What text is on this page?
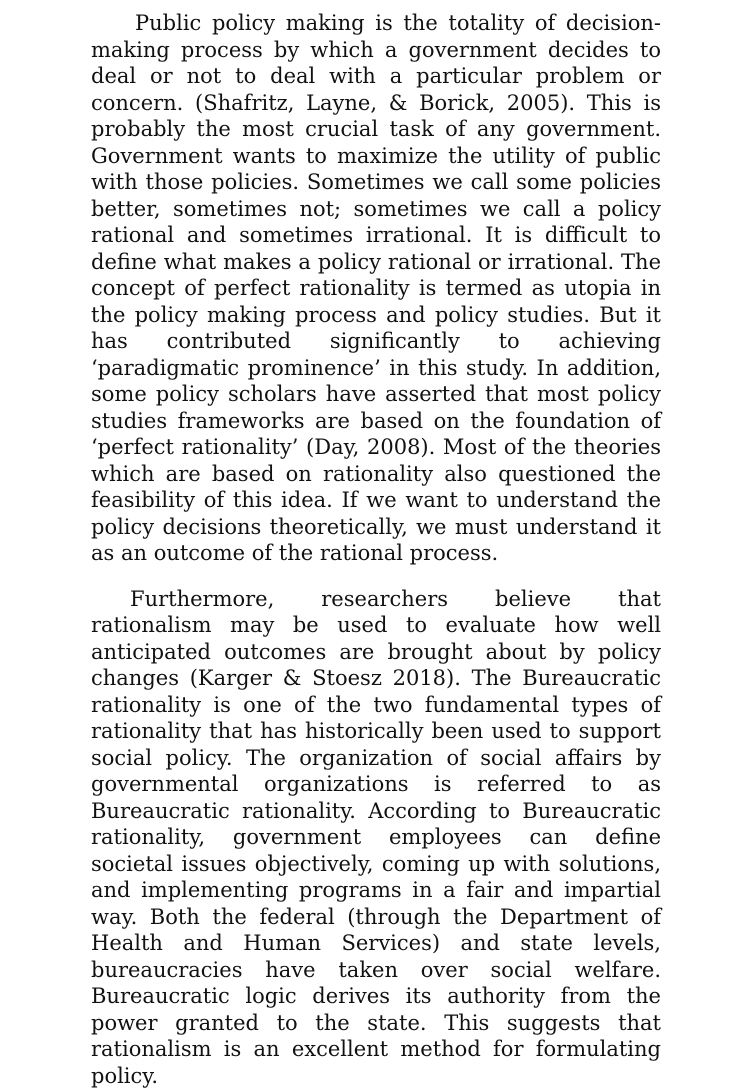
Public policy making is the totality of decision-making process by which a government decides to deal or not to deal with a particular problem or concern. (Shafritz, Layne, & Borick, 2005). This is probably the most crucial task of any government. Government wants to maximize the utility of public with those policies. Sometimes we call some policies better, sometimes not; sometimes we call a policy rational and sometimes irrational. It is difficult to define what makes a policy rational or irrational. The concept of perfect rationality is termed as utopia in the policy making process and policy studies. But it has contributed significantly to achieving ‘paradigmatic prominence’ in this study. In addition, some policy scholars have asserted that most policy studies frameworks are based on the foundation of ‘perfect rationality’ (Day, 2008). Most of the theories which are based on rationality also questioned the feasibility of this idea. If we want to understand the policy decisions theoretically, we must understand it as an outcome of the rational process.

Furthermore, researchers believe that rationalism may be used to evaluate how well anticipated outcomes are brought about by policy changes (Karger & Stoesz 2018). The Bureaucratic rationality is one of the two fundamental types of rationality that has historically been used to support social policy. The organization of social affairs by governmental organizations is referred to as Bureaucratic rationality. According to Bureaucratic rationality, government employees can define societal issues objectively, coming up with solutions, and implementing programs in a fair and impartial way. Both the federal (through the Department of Health and Human Services) and state levels, bureaucracies have taken over social welfare. Bureaucratic logic derives its authority from the power granted to the state. This suggests that rationalism is an excellent method for formulating policy.
